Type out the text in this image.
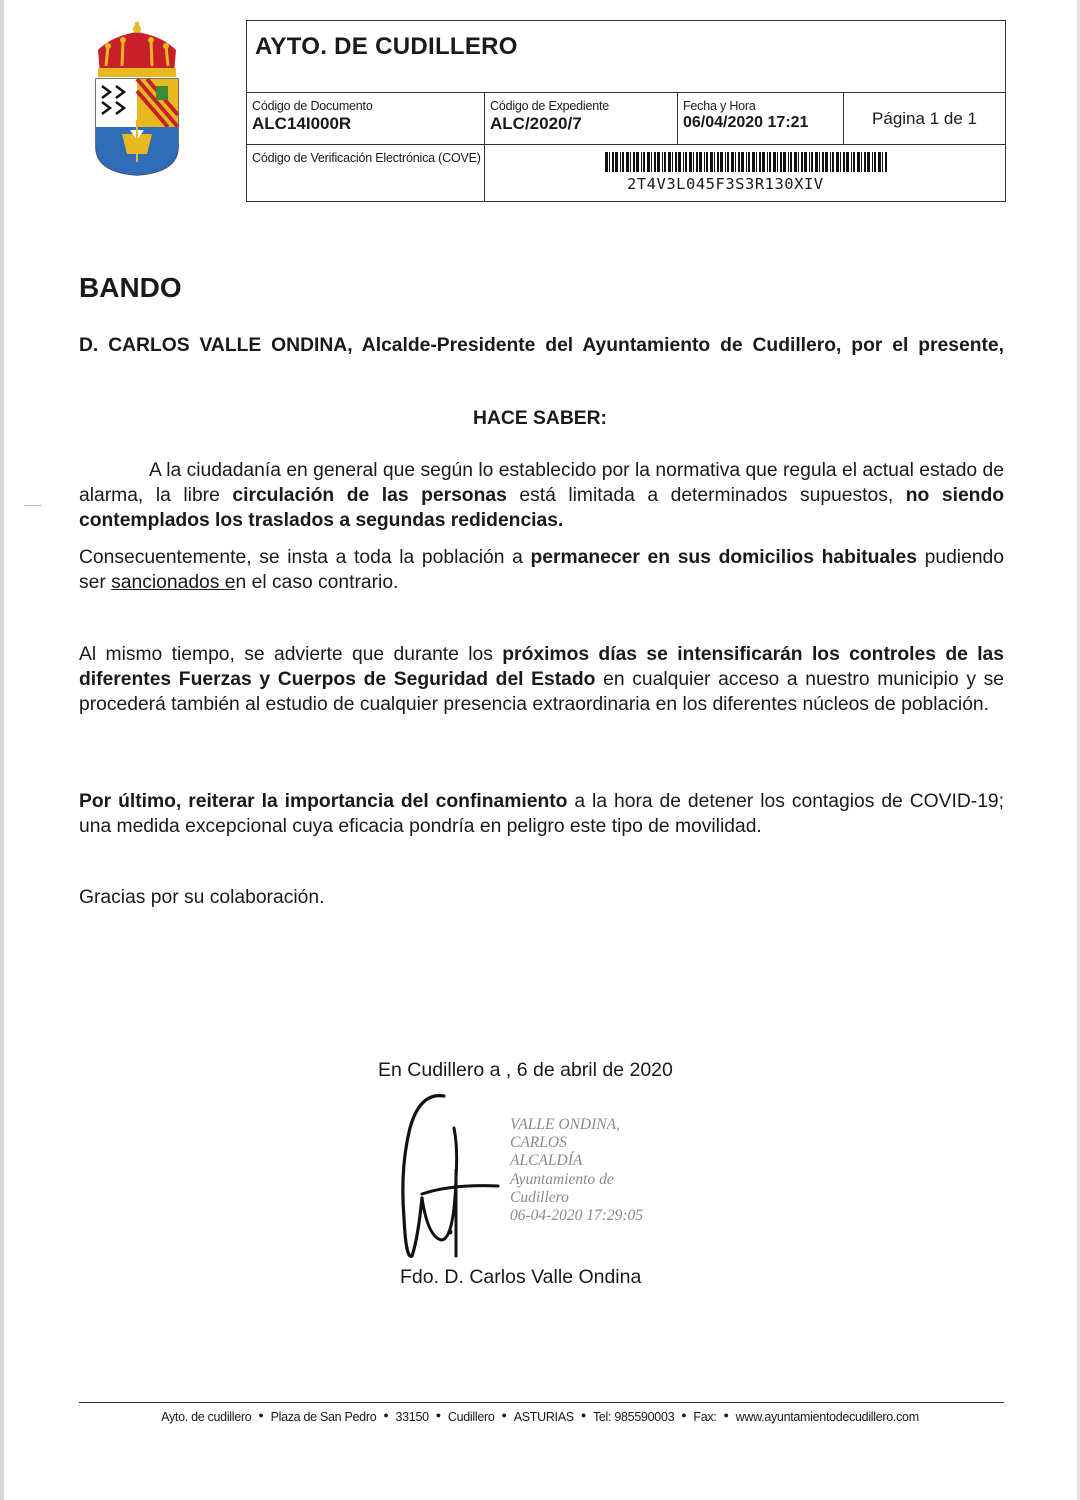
AYTO. DE CUDILLERO
Código de Documento
ALC14I000R
Código de Expediente
ALC/2020/7
Fecha y Hora
06/04/2020 17:21	Página 1 de 1
Código de Verificación Electrónica (COVE)
2T4V3L045F3S3R130XIV
BANDO
D. CARLOS VALLE ONDINA, Alcalde-Presidente del Ayuntamiento de Cudillero, por el presente,
HACE SABER:
A la ciudadanía en general que según lo establecido por la normativa que regula el actual estado de alarma, la libre circulación de las personas está limitada a determinados supuestos, no siendo contemplados los traslados a segundas redidencias.
Consecuentemente, se insta a toda la población a permanecer en sus domicilios habituales pudiendo ser sancionados en el caso contrario.
Al mismo tiempo, se advierte que durante los próximos días se intensificarán los controles de las diferentes Fuerzas y Cuerpos de Seguridad del Estado en cualquier acceso a nuestro municipio y se procederá también al estudio de cualquier presencia extraordinaria en los diferentes núcleos de población.
Por último, reiterar la importancia del confinamiento a la hora de detener los contagios de COVID-19; una medida excepcional cuya eficacia pondría en peligro este tipo de movilidad.
Gracias por su colaboración.
En Cudillero a , 6 de abril de 2020
VALLE ONDINA,
CARLOS
ALCALDÍA
Ayuntamiento de
Cudillero
06-04-2020 17:29:05
Fdo. D. Carlos Valle Ondina
Ayto. de cudillero ● Plaza de San Pedro ● 33150 ● Cudillero ● ASTURIAS ● Tel: 985590003 ● Fax: ● www.ayuntamientodecudillero.com
